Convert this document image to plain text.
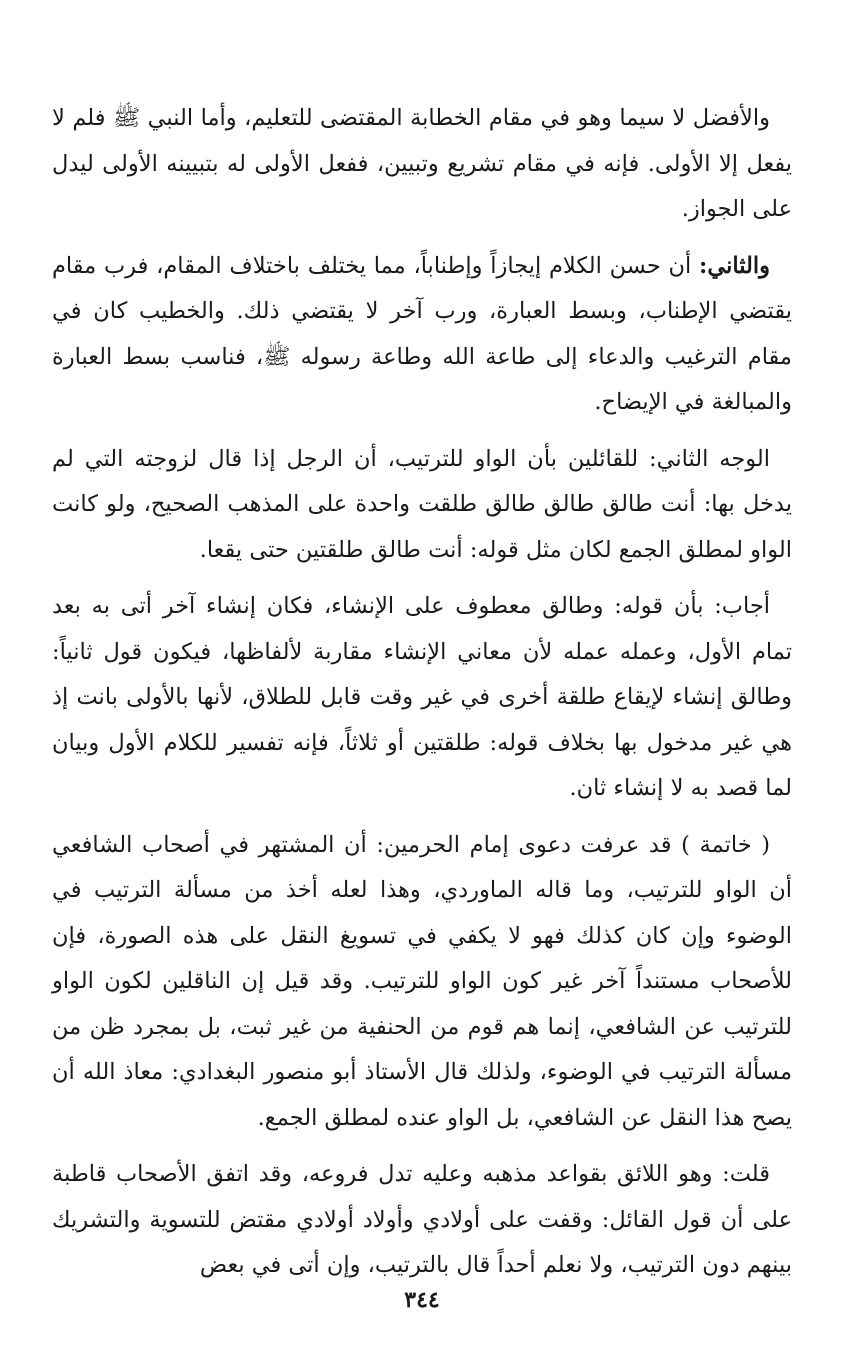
والأفضل لا سيما وهو في مقام الخطابة المقتضى للتعليم، وأما النبي ﷺ فلم لا يفعل إلا الأولى. فإنه في مقام تشريع وتبيين، ففعل الأولى له بتبيينه الأولى ليدل على الجواز.

والثاني: أن حسن الكلام إيجازاً وإطناباً، مما يختلف باختلاف المقام، فرب مقام يقتضي الإطناب، وبسط العبارة، ورب آخر لا يقتضي ذلك. والخطيب كان في مقام الترغيب والدعاء إلى طاعة الله وطاعة رسوله ﷺ، فناسب بسط العبارة والمبالغة في الإيضاح.

الوجه الثاني: للقائلين بأن الواو للترتيب، أن الرجل إذا قال لزوجته التي لم يدخل بها: أنت طالق طالق طالق طلقت واحدة على المذهب الصحيح، ولو كانت الواو لمطلق الجمع لكان مثل قوله: أنت طالق طلقتين حتى يقعا.

أجاب: بأن قوله: وطالق معطوف على الإنشاء، فكان إنشاء آخر أتى به بعد تمام الأول، وعمله عمله لأن معاني الإنشاء مقاربة لألفاظها، فيكون قول ثانياً: وطالق إنشاء لإيقاع طلقة أخرى في غير وقت قابل للطلاق، لأنها بالأولى بانت إذ هي غير مدخول بها بخلاف قوله: طلقتين أو ثلاثاً، فإنه تفسير للكلام الأول وبيان لما قصد به لا إنشاء ثان.

( خاتمة ) قد عرفت دعوى إمام الحرمين: أن المشتهر في أصحاب الشافعي أن الواو للترتيب، وما قاله الماوردي، وهذا لعله أخذ من مسألة الترتيب في الوضوء وإن كان كذلك فهو لا يكفي في تسويغ النقل على هذه الصورة، فإن للأصحاب مستنداً آخر غير كون الواو للترتيب. وقد قيل إن الناقلين لكون الواو للترتيب عن الشافعي، إنما هم قوم من الحنفية من غير ثبت، بل بمجرد ظن من مسألة الترتيب في الوضوء، ولذلك قال الأستاذ أبو منصور البغدادي: معاذ الله أن يصح هذا النقل عن الشافعي، بل الواو عنده لمطلق الجمع.

قلت: وهو اللائق بقواعد مذهبه وعليه تدل فروعه، وقد اتفق الأصحاب قاطبة على أن قول القائل: وقفت على أولادي وأولاد أولادي مقتض للتسوية والتشريك بينهم دون الترتيب، ولا نعلم أحداً قال بالترتيب، وإن أتى في بعض

٣٤٤
